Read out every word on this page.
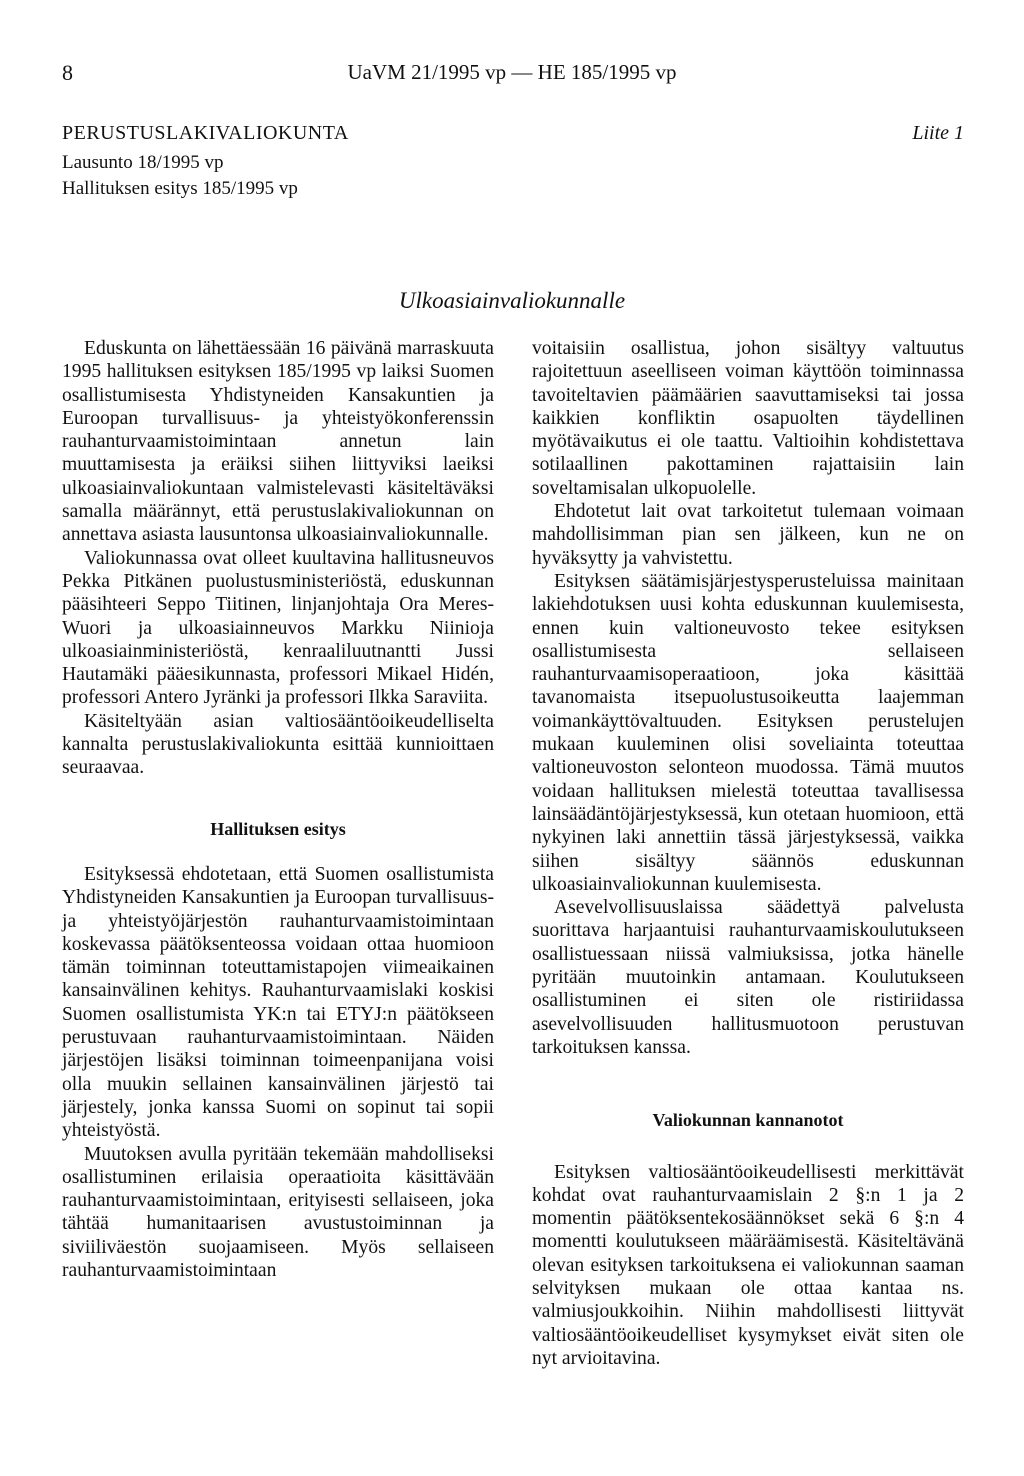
8	UaVM 21/1995 vp — HE 185/1995 vp
PERUSTUSLAKIVALIOKUNTA	Liite 1
Lausunto 18/1995 vp
Hallituksen esitys 185/1995 vp
Ulkoasiainvaliokunnalle

Eduskunta on lähettäessään 16 päivänä marraskuuta 1995 hallituksen esityksen 185/1995 vp laiksi Suomen osallistumisesta Yhdistyneiden Kansakuntien ja Euroopan turvallisuus- ja yhteistyökonferenssin rauhanturvaamistoimintaan annetun lain muuttamisesta ja eräiksi siihen liittyviksi laeiksi ulkoasiainvaliokuntaan valmistelevasti käsiteltäväksi samalla määrännyt, että perustuslakivaliokunnan on annettava asiasta lausuntonsa ulkoasiainvaliokunnalle.

Valiokunnassa ovat olleet kuultavina hallitusneuvos Pekka Pitkänen puolustusministeriöstä, eduskunnan pääsihteeri Seppo Tiitinen, linjanjohtaja Ora Meres-Wuori ja ulkoasiainneuvos Markku Niinioja ulkoasiainministeriöstä, kenraaliluutnantti Jussi Hautamäki pääesikunnasta, professori Mikael Hidén, professori Antero Jyränki ja professori Ilkka Saraviita.

Käsiteltyään asian valtiosääntöoikeudelliselta kannalta perustuslakivaliokunta esittää kunnioittaen seuraavaa.

Hallituksen esitys

Esityksessä ehdotetaan, että Suomen osallistumista Yhdistyneiden Kansakuntien ja Euroopan turvallisuus- ja yhteistyöjärjestön rauhanturvaamistoimintaan koskevassa päätöksenteossa voidaan ottaa huomioon tämän toiminnan toteuttamistapojen viimeaikainen kansainvälinen kehitys. Rauhanturvaamislaki koskisi Suomen osallistumista YK:n tai ETYJ:n päätökseen perustuvaan rauhanturvaamistoimintaan. Näiden järjestöjen lisäksi toiminnan toimeenpanijana voisi olla muukin sellainen kansainvälinen järjestö tai järjestely, jonka kanssa Suomi on sopinut tai sopii yhteistyöstä.

Muutoksen avulla pyritään tekemään mahdolliseksi osallistuminen erilaisia operaatioita käsittävään rauhanturvaamistoimintaan, erityisesti sellaiseen, joka tähtää humanitaarisen avustustoiminnan ja siviiliväestön suojaamiseen. Myös sellaiseen rauhanturvaamistoimintaan

voitaisiin osallistua, johon sisältyy valtuutus rajoitettuun aseelliseen voiman käyttöön toiminnassa tavoiteltavien päämäärien saavuttamiseksi tai jossa kaikkien konfliktin osapuolten täydellinen myötävaikutus ei ole taattu. Valtioihin kohdistettava sotilaallinen pakottaminen rajattaisiin lain soveltamisalan ulkopuolelle.

Ehdotetut lait ovat tarkoitetut tulemaan voimaan mahdollisimman pian sen jälkeen, kun ne on hyväksytty ja vahvistettu.

Esityksen säätämisjärjestysperusteluissa mainitaan lakiehdotuksen uusi kohta eduskunnan kuulemisesta, ennen kuin valtioneuvosto tekee esityksen osallistumisesta sellaiseen rauhanturvaamisoperaatioon, joka käsittää tavanomaista itsepuolustusoikeutta laajemman voimankäyttövaltuuden. Esityksen perustelujen mukaan kuuleminen olisi soveliainta toteuttaa valtioneuvoston selonteon muodossa. Tämä muutos voidaan hallituksen mielestä toteuttaa tavallisessa lainsäädäntöjärjestyksessä, kun otetaan huomioon, että nykyinen laki annettiin tässä järjestyksessä, vaikka siihen sisältyy säännös eduskunnan ulkoasiainvaliokunnan kuulemisesta.

Asevelvollisuuslaissa säädettyä palvelusta suorittava harjaantuisi rauhanturvaamiskoulutukseen osallistuessaan niissä valmiuksissa, jotka hänelle pyritään muutoinkin antamaan. Koulutukseen osallistuminen ei siten ole ristiriidassa asevelvollisuuden hallitusmuotoon perustuvan tarkoituksen kanssa.

Valiokunnan kannanotot

Esityksen valtiosääntöoikeudellisesti merkittävät kohdat ovat rauhanturvaamislain 2 §:n 1 ja 2 momentin päätöksentekosäännökset sekä 6 §:n 4 momentti koulutukseen määräämisestä. Käsiteltävänä olevan esityksen tarkoituksena ei valiokunnan saaman selvityksen mukaan ole ottaa kantaa ns. valmiusjoukkoihin. Niihin mahdollisesti liittyvät valtiosääntöoikeudelliset kysymykset eivät siten ole nyt arvioitavina.
